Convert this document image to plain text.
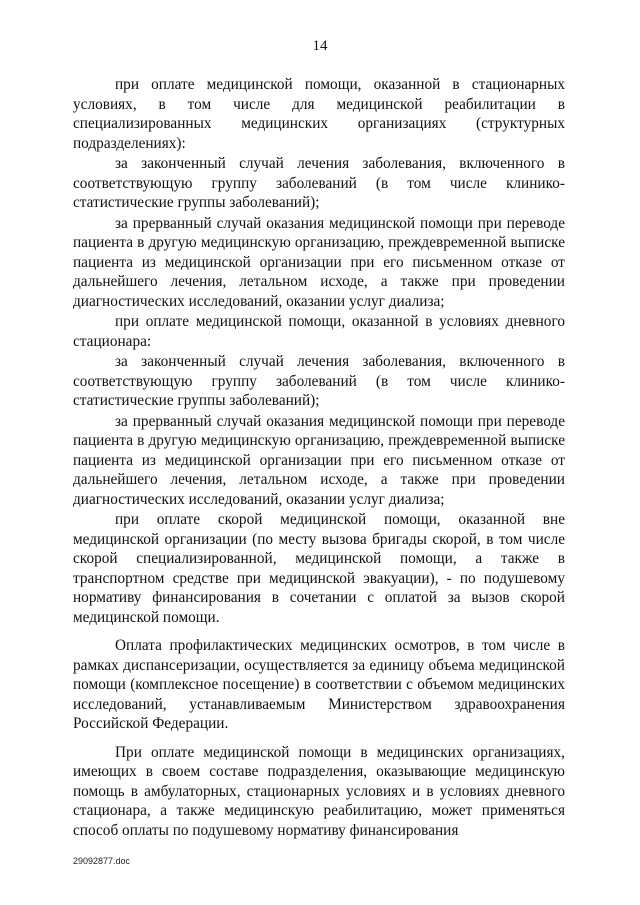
14

при оплате медицинской помощи, оказанной в стационарных условиях, в том числе для медицинской реабилитации в специализированных медицинских организациях (структурных подразделениях):

за законченный случай лечения заболевания, включенного в соответствующую группу заболеваний (в том числе клинико-статистические группы заболеваний);

за прерванный случай оказания медицинской помощи при переводе пациента в другую медицинскую организацию, преждевременной выписке пациента из медицинской организации при его письменном отказе от дальнейшего лечения, летальном исходе, а также при проведении диагностических исследований, оказании услуг диализа;

при оплате медицинской помощи, оказанной в условиях дневного стационара:

за законченный случай лечения заболевания, включенного в соответствующую группу заболеваний (в том числе клинико-статистические группы заболеваний);

за прерванный случай оказания медицинской помощи при переводе пациента в другую медицинскую организацию, преждевременной выписке пациента из медицинской организации при его письменном отказе от дальнейшего лечения, летальном исходе, а также при проведении диагностических исследований, оказании услуг диализа;

при оплате скорой медицинской помощи, оказанной вне медицинской организации (по месту вызова бригады скорой, в том числе скорой специализированной, медицинской помощи, а также в транспортном средстве при медицинской эвакуации), - по подушевому нормативу финансирования в сочетании с оплатой за вызов скорой медицинской помощи.

Оплата профилактических медицинских осмотров, в том числе в рамках диспансеризации, осуществляется за единицу объема медицинской помощи (комплексное посещение) в соответствии с объемом медицинских исследований, устанавливаемым Министерством здравоохранения Российской Федерации.

При оплате медицинской помощи в медицинских организациях, имеющих в своем составе подразделения, оказывающие медицинскую помощь в амбулаторных, стационарных условиях и в условиях дневного стационара, а также медицинскую реабилитацию, может применяться способ оплаты по подушевому нормативу финансирования

29092877.doc
